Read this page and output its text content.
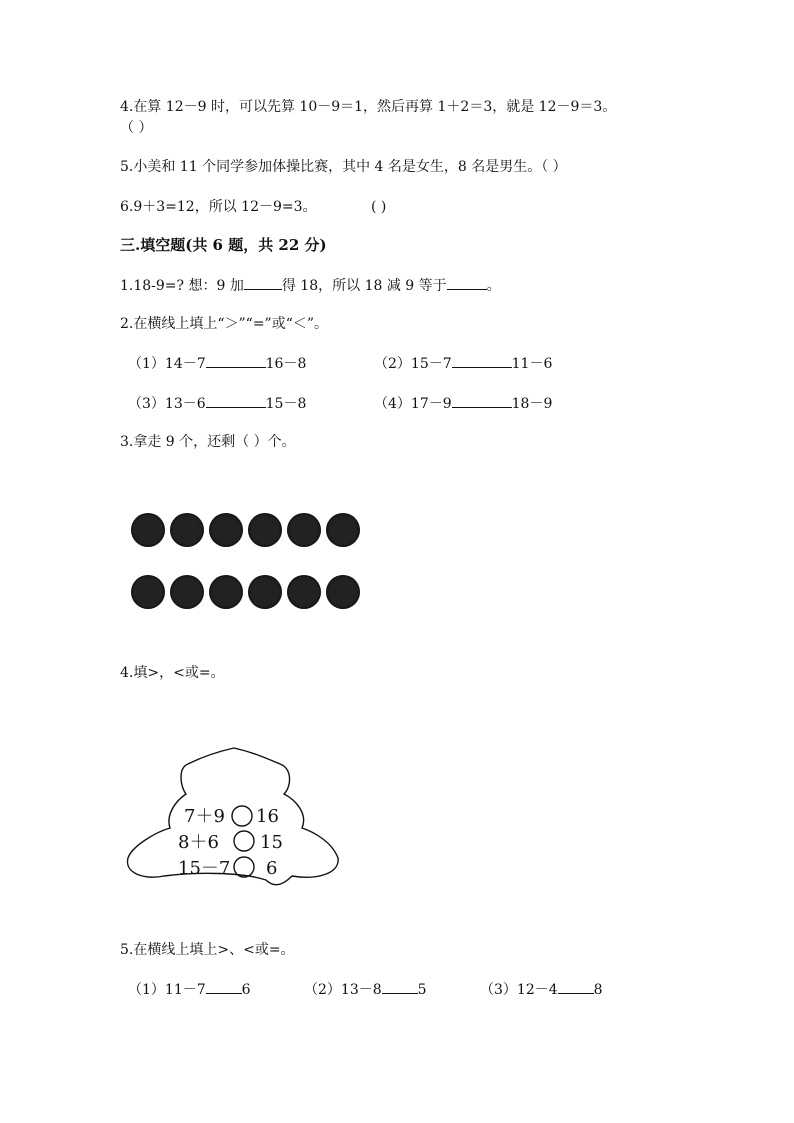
4.在算 12－9 时，可以先算 10－9＝1，然后再算 1＋2＝3，就是 12－9＝3。
（ ）
5.小美和 11 个同学参加体操比赛，其中 4 名是女生，8 名是男生。（ ）
6.9＋3=12，所以 12－9=3。	( )
三.填空题(共 6 题，共 22 分)
1.18-9=? 想：9 加	得 18，所以 18 减 9 等于	。
2.在横线上填上“＞”“=”或“＜”。
（1）14－7	16－8	（2）15－7	11－6
（3）13－6	15－8	（4）17－9	18－9
3.拿走 9 个，还剩（ ）个。
4.填>，<或=。
7＋9 16
8＋6 15
15－7 6
5.在横线上填上>、<或=。
（1）11－7	6	（2）13－8	5	（3）12－4	8
